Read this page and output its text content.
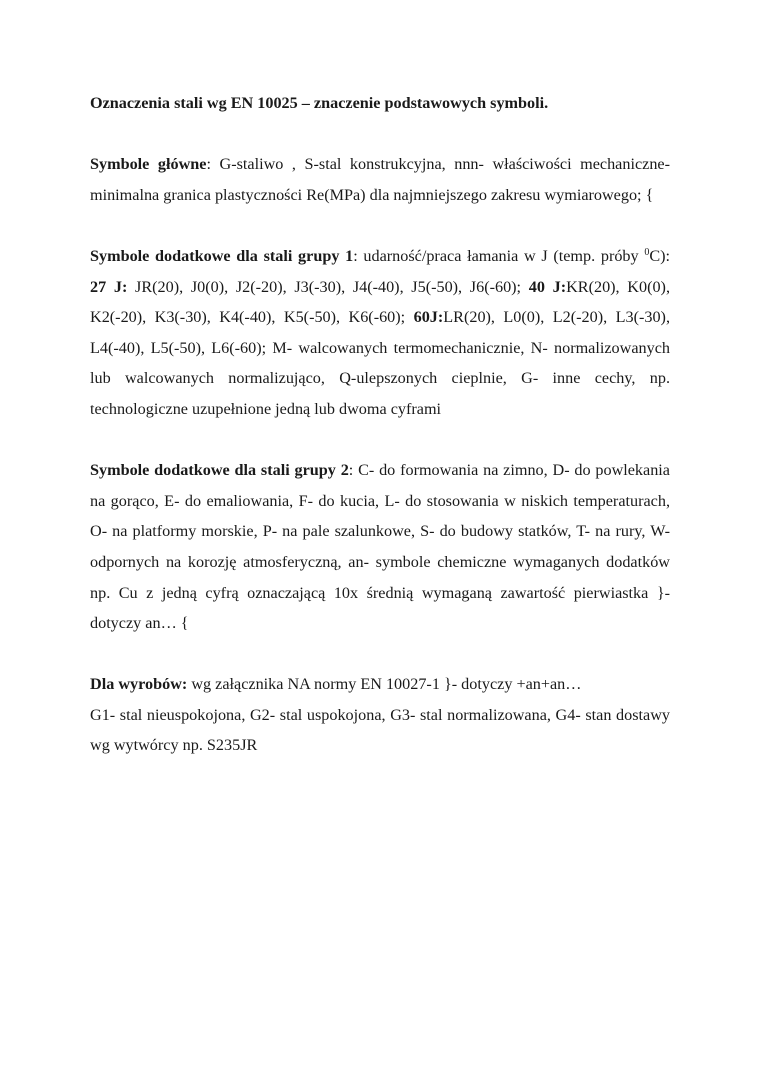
Oznaczenia stali wg EN 10025 – znaczenie podstawowych symboli.

Symbole główne: G-staliwo , S-stal konstrukcyjna, nnn- właściwości mechaniczne- minimalna granica plastyczności Re(MPa) dla najmniejszego zakresu wymiarowego; {

Symbole dodatkowe dla stali grupy 1: udarność/praca łamania w J (temp. próby $^0$C): 27 J: JR(20), J0(0), J2(-20), J3(-30), J4(-40), J5(-50), J6(-60); 40 J:KR(20), K0(0), K2(-20), K3(-30), K4(-40), K5(-50), K6(-60); 60J:LR(20), L0(0), L2(-20), L3(-30), L4(-40), L5(-50), L6(-60); M- walcowanych termomechanicznie, N- normalizowanych lub walcowanych normalizująco, Q-ulepszonych cieplnie, G- inne cechy, np. technologiczne uzupełnione jedną lub dwoma cyframi

Symbole dodatkowe dla stali grupy 2: C- do formowania na zimno, D- do powlekania na gorąco, E- do emaliowania, F- do kucia, L- do stosowania w niskich temperaturach, O- na platformy morskie, P- na pale szalunkowe, S- do budowy statków, T- na rury, W- odpornych na korozję atmosferyczną, an- symbole chemiczne wymaganych dodatków np. Cu z jedną cyfrą oznaczającą 10x średnią wymaganą zawartość pierwiastka }- dotyczy an… {

Dla wyrobów: wg załącznika NA normy EN 10027-1 }- dotyczy +an+an…

G1- stal nieuspokojona, G2- stal uspokojona, G3- stal normalizowana, G4- stan dostawy wg wytwórcy np. S235JR
